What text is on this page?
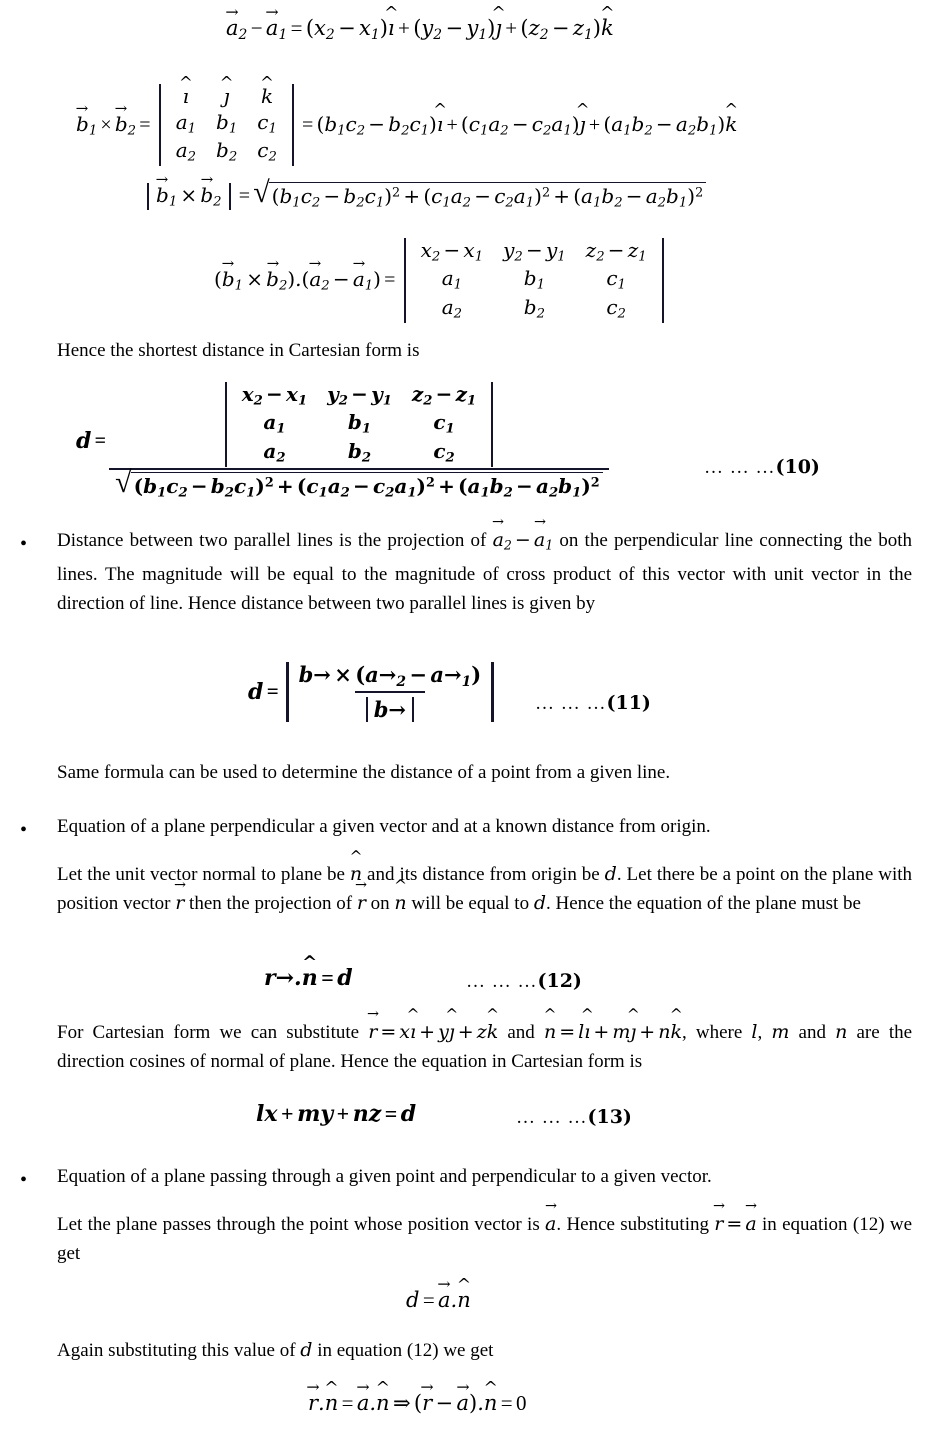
$a \to_2 - a \to_1 = (x_2$ − $x_1)ı$ ^ + ($y_2$ − $y_1)ȷ$ ^ + $(z_2 - z_1)k$ ^
$b \to_1 \times b \to_2$ =
ı ^	ȷ ^	k ^
$a_1$	$b_1$	$c_1$
$a_2$	$b_2$	$c_2$
= ($b_1c_2$ − $b_2c_1)ı$ ^ + ($c_1a_2$ − $c_2a_1)ȷ$ ^ + $(a_1b_2 - a_2b_1)k$ ^
$b \to_1 \times b \to_2$ = √ $(b_1c_2 - b_2c_1)^2 + (c_1a_2 - c_2a_1)^2 + (a_1b_2 - a_2b_1)^2$
$(b \to_1 \times b \to_2).(a \to_2 - a \to_1)$ =
$x_2 - x_1$	$y_2 - y_1$	$z_2 - z_1$
$a_1$	$b_1$	$c_1$
$a_2$	$b_2$	$c_2$
Hence the shortest distance in Cartesian form is
$d = x_2 - x_1$	$y_2 - y_1$	$z_2 - z_1$
$a_1$	$b_1$	$c_1$
$a_2$	$b_2$	$c_2$
√ $(b_1c_2 - b_2c_1)^2 + (c_1a_2 - c_2a_1)^2 + (a_1b_2 - a_2b_1)^2$	… … …(10)
• Distance between two parallel lines is the projection of $a \to_2 - a \to_1$ on the perpendicular line connecting the both lines. The magnitude will be equal to the magnitude of cross product of this vector with unit vector in the direction of line. Hence distance between two parallel lines is given by
$d = \frac{b \to \times (a \to _2 - a \to _1)}{b}$ →	… … …(11)
Same formula can be used to determine the distance of a point from a given line.
• Equation of a plane perpendicular a given vector and at a known distance from origin.
Let the unit vector normal to plane be n ^ and its distance from origin be d. Let there be a point on the plane with position vector r → then the projection of r → on n ^ will be equal to d. Hence the equation of the plane must be
r → .n ^ = d	… … …(12)
For Cartesian form we can substitute r → = xı ^ + yȷ ^ + zk ^ and n ^ = lı ^ + mȷ ^ + nk ^, where l, m and n are the direction cosines of normal of plane. Hence the equation in Cartesian form is
lx + my + nz = d	… … …(13)
• Equation of a plane passing through a given point and perpendicular to a given vector.
Let the plane passes through the point whose position vector is a →. Hence substituting r → = a → in equation (12) we get
d = a →.n ^
Again substituting this value of d in equation (12) we get
r →.n ^ = a →.n ^ ⇒ (r → − a →).n ^ = 0
